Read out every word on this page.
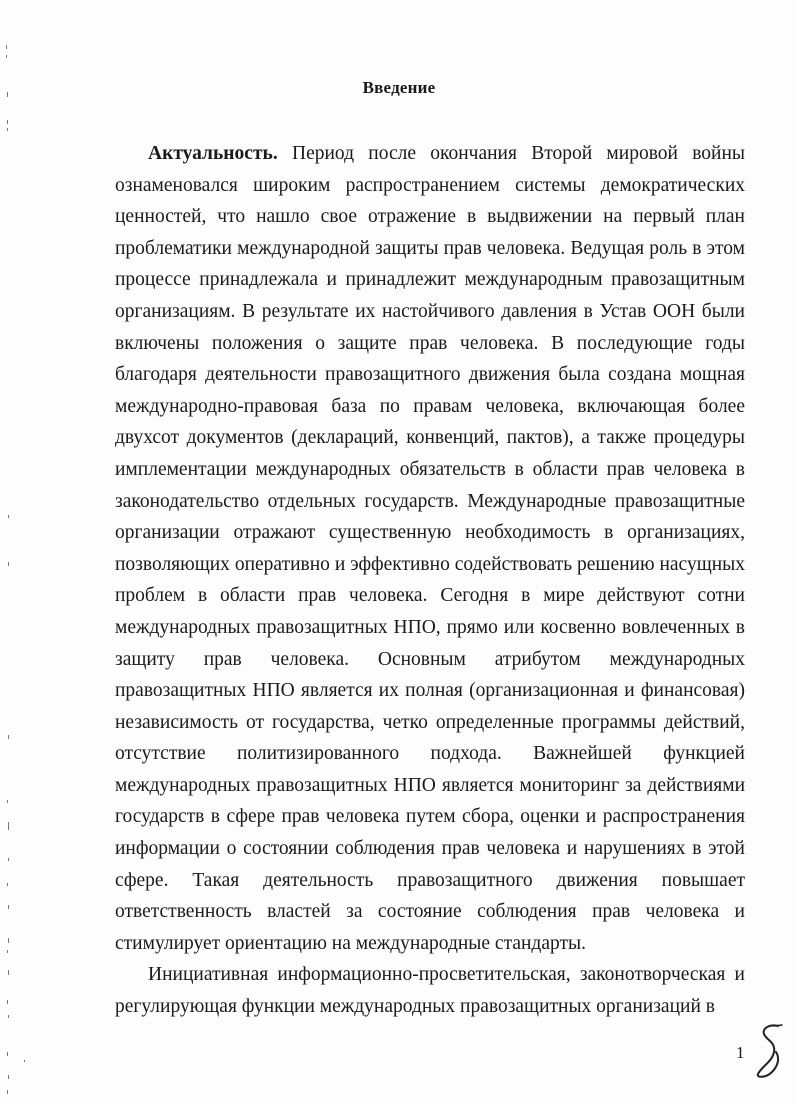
Введение

Актуальность. Период после окончания Второй мировой войны ознаменовался широким распространением системы демократических ценностей, что нашло свое отражение в выдвижении на первый план проблематики международной защиты прав человека. Ведущая роль в этом процессе принадлежала и принадлежит международным правозащитным организациям. В результате их настойчивого давления в Устав ООН были включены положения о защите прав человека. В последующие годы благодаря деятельности правозащитного движения была создана мощная международно-правовая база по правам человека, включающая более двухсот документов (деклараций, конвенций, пактов), а также процедуры имплементации международных обязательств в области прав человека в законодательство отдельных государств. Международные правозащитные организации отражают существенную необходимость в организациях, позволяющих оперативно и эффективно содействовать решению насущных проблем в области прав человека. Сегодня в мире действуют сотни международных правозащитных НПО, прямо или косвенно вовлеченных в защиту прав человека. Основным атрибутом международных правозащитных НПО является их полная (организационная и финансовая) независимость от государства, четко определенные программы действий, отсутствие политизированного подхода. Важнейшей функцией международных правозащитных НПО является мониторинг за действиями государств в сфере прав человека путем сбора, оценки и распространения информации о состоянии соблюдения прав человека и нарушениях в этой сфере. Такая деятельность правозащитного движения повышает ответственность властей за состояние соблюдения прав человека и стимулирует ориентацию на международные стандарты.

Инициативная информационно-просветительская, законотворческая и регулирующая функции международных правозащитных организаций в

1
